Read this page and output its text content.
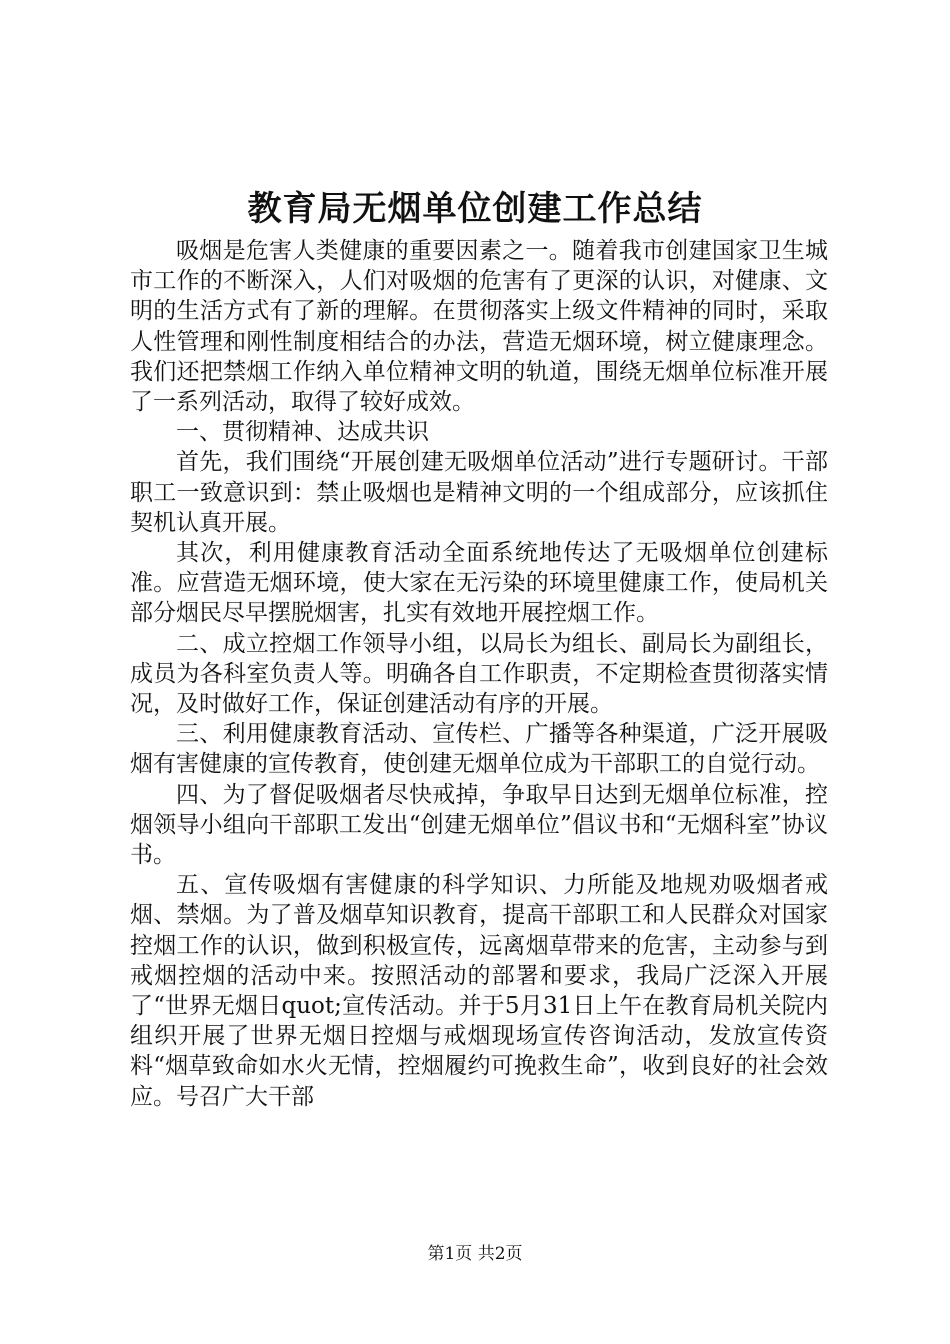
教育局无烟单位创建工作总结

吸烟是危害人类健康的重要因素之一。随着我市创建国家卫生城市工作的不断深入，人们对吸烟的危害有了更深的认识，对健康、文明的生活方式有了新的理解。在贯彻落实上级文件精神的同时，采取人性管理和刚性制度相结合的办法，营造无烟环境，树立健康理念。我们还把禁烟工作纳入单位精神文明的轨道，围绕无烟单位标准开展了一系列活动，取得了较好成效。

一、贯彻精神、达成共识

首先，我们围绕“开展创建无吸烟单位活动”进行专题研讨。干部职工一致意识到：禁止吸烟也是精神文明的一个组成部分，应该抓住契机认真开展。

其次，利用健康教育活动全面系统地传达了无吸烟单位创建标准。应营造无烟环境，使大家在无污染的环境里健康工作，使局机关部分烟民尽早摆脱烟害，扎实有效地开展控烟工作。

二、成立控烟工作领导小组，以局长为组长、副局长为副组长，成员为各科室负责人等。明确各自工作职责，不定期检查贯彻落实情况，及时做好工作，保证创建活动有序的开展。

三、利用健康教育活动、宣传栏、广播等各种渠道，广泛开展吸烟有害健康的宣传教育，使创建无烟单位成为干部职工的自觉行动。

四、为了督促吸烟者尽快戒掉，争取早日达到无烟单位标准，控烟领导小组向干部职工发出“创建无烟单位”倡议书和“无烟科室”协议书。

五、宣传吸烟有害健康的科学知识、力所能及地规劝吸烟者戒烟、禁烟。为了普及烟草知识教育，提高干部职工和人民群众对国家控烟工作的认识，做到积极宣传，远离烟草带来的危害，主动参与到戒烟控烟的活动中来。按照活动的部署和要求，我局广泛深入开展了“世界无烟日quot;宣传活动。并于5月31日上午在教育局机关院内组织开展了世界无烟日控烟与戒烟现场宣传咨询活动，发放宣传资料“烟草致命如水火无情，控烟履约可挽救生命”，收到良好的社会效应。号召广大干部

第1页 共2页
